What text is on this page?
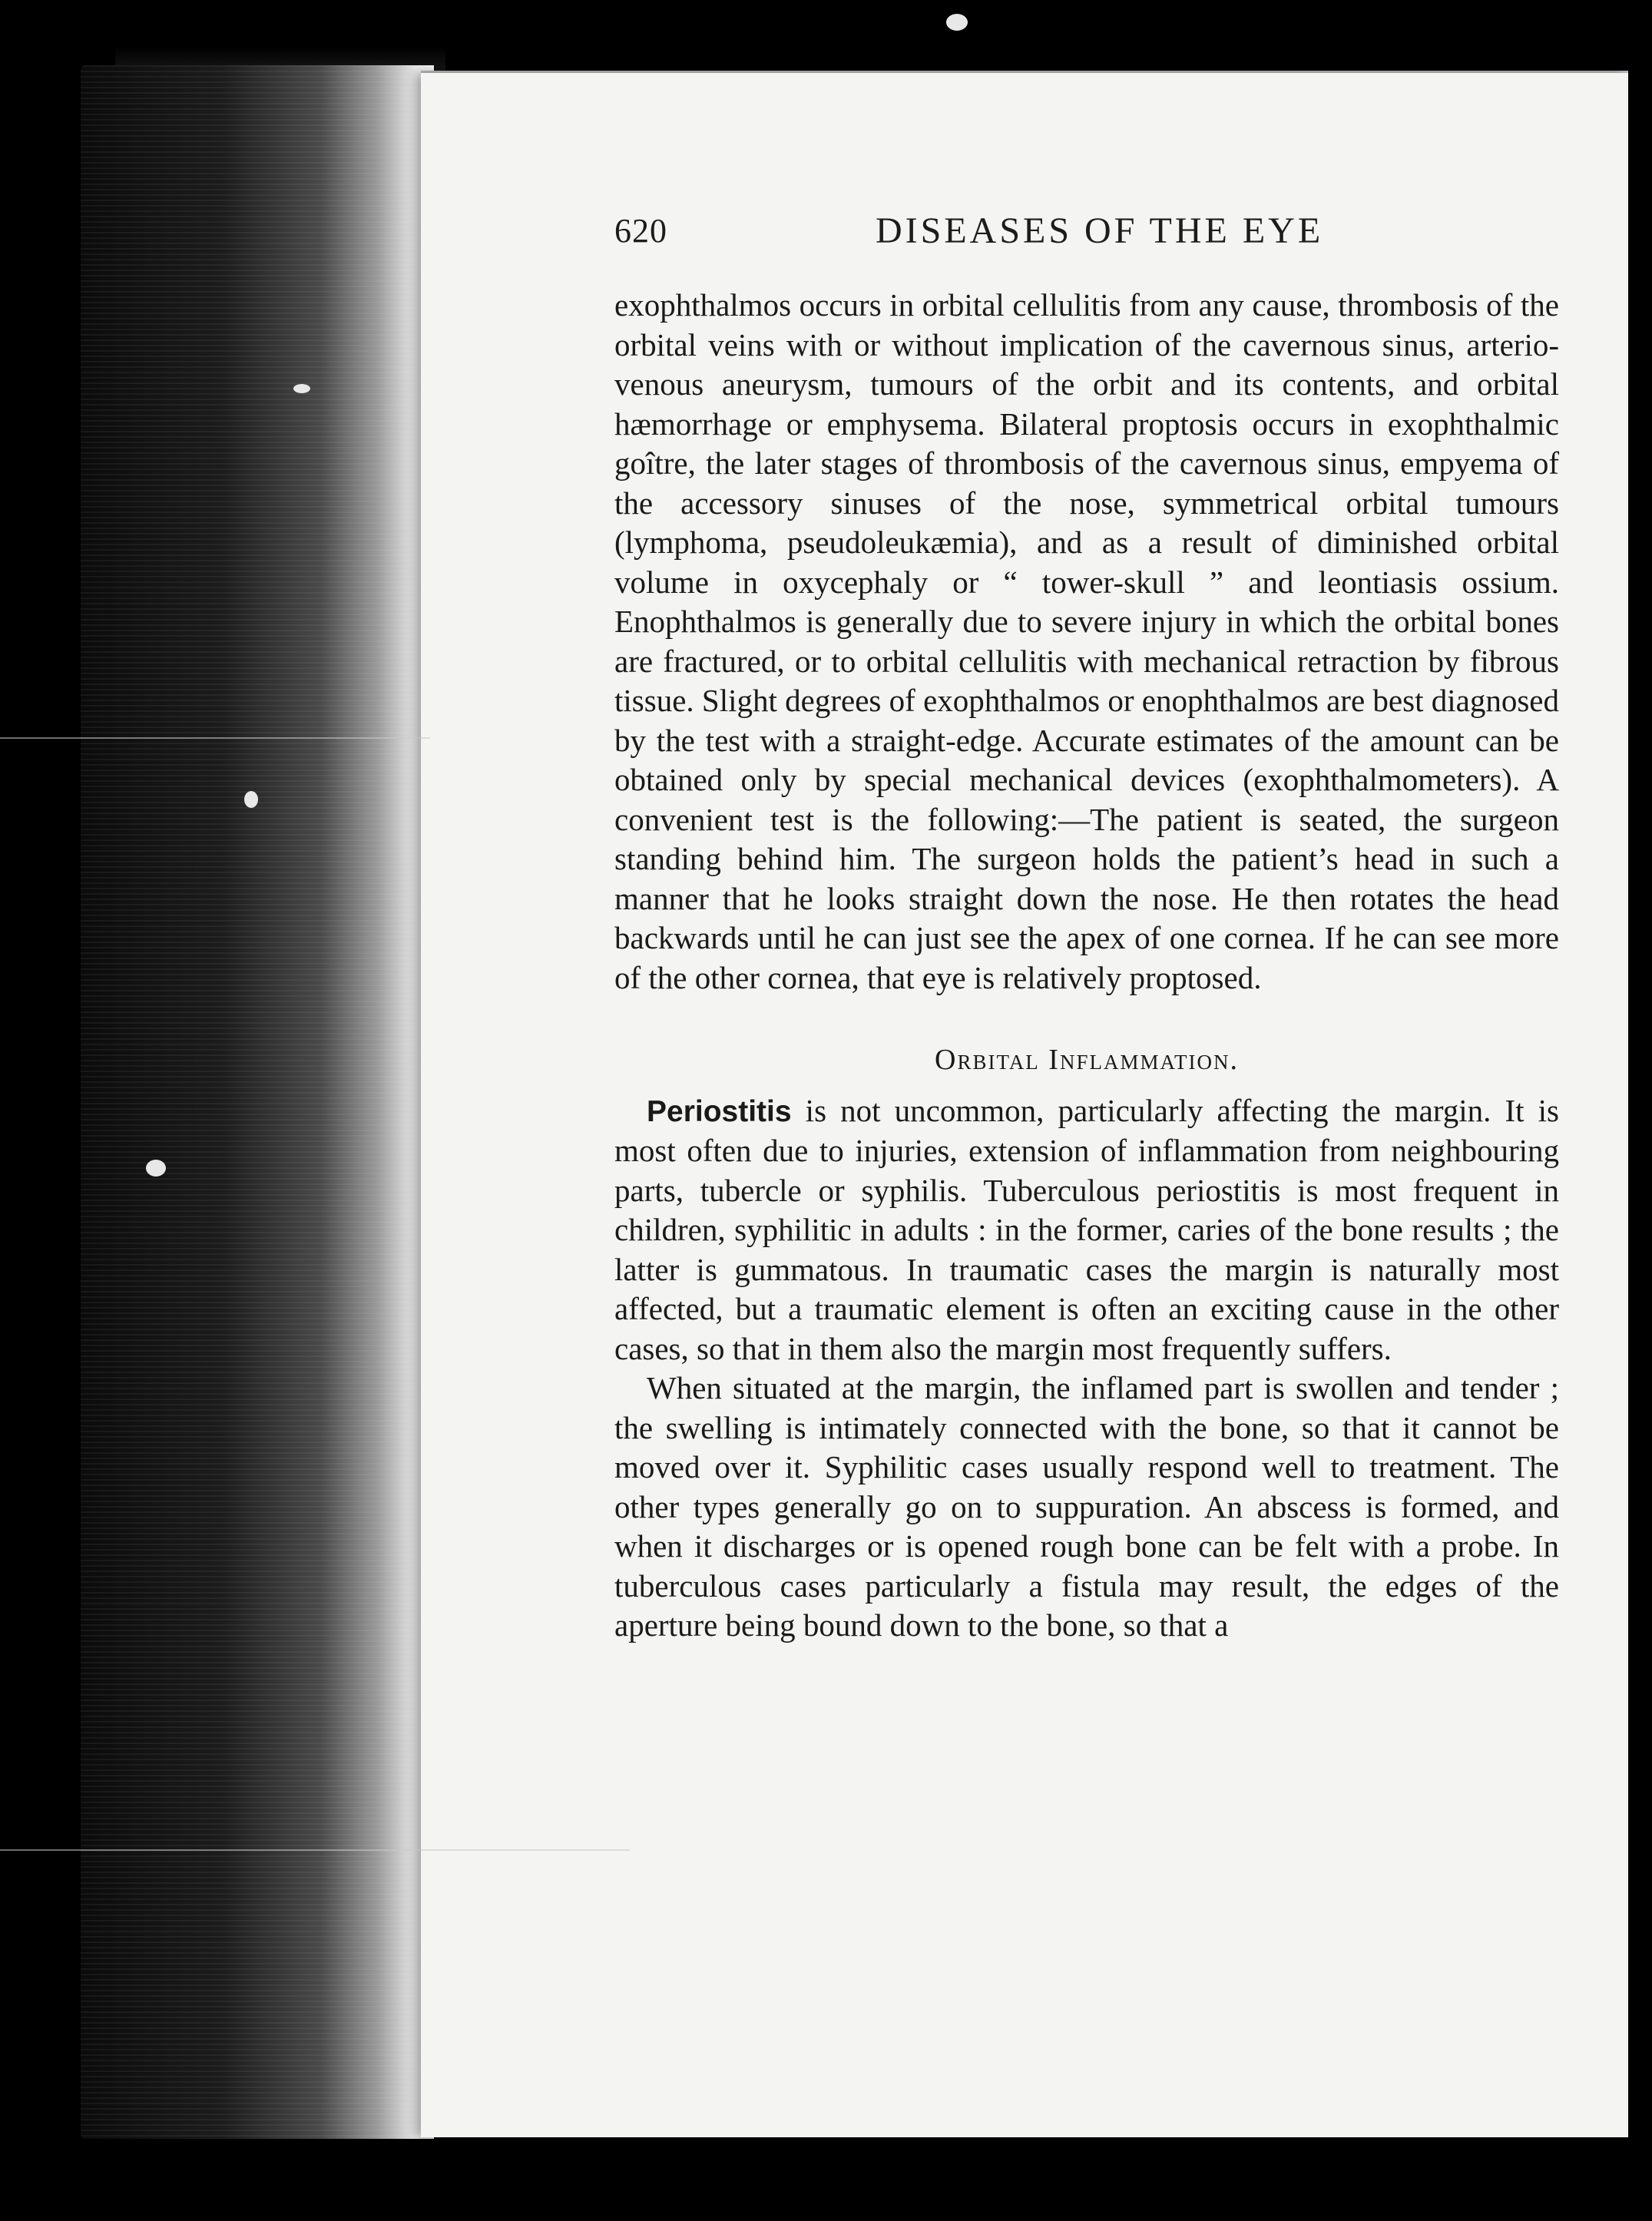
620	DISEASES OF THE EYE

exophthalmos occurs in orbital cellulitis from any cause, thrombosis of the orbital veins with or without implication of the cavernous sinus, arterio-venous aneurysm, tumours of the orbit and its contents, and orbital hæmorrhage or emphysema. Bilateral proptosis occurs in exophthalmic goître, the later stages of thrombosis of the cavernous sinus, empyema of the accessory sinuses of the nose, symmetrical orbital tumours (lymphoma, pseudoleukæmia), and as a result of diminished orbital volume in oxycephaly or “ tower-skull ” and leontiasis ossium. Enophthalmos is generally due to severe injury in which the orbital bones are fractured, or to orbital cellulitis with mechanical retraction by fibrous tissue. Slight degrees of exophthalmos or enophthalmos are best diagnosed by the test with a straight-edge. Accurate estimates of the amount can be obtained only by special mechanical devices (exophthalmometers). A convenient test is the following:—The patient is seated, the surgeon standing behind him. The surgeon holds the patient’s head in such a manner that he looks straight down the nose. He then rotates the head backwards until he can just see the apex of one cornea. If he can see more of the other cornea, that eye is relatively proptosed.

Orbital Inflammation.

Periostitis is not uncommon, particularly affecting the margin. It is most often due to injuries, extension of inflammation from neighbouring parts, tubercle or syphilis. Tuberculous periostitis is most frequent in children, syphilitic in adults : in the former, caries of the bone results ; the latter is gummatous. In traumatic cases the margin is naturally most affected, but a traumatic element is often an exciting cause in the other cases, so that in them also the margin most frequently suffers.

When situated at the margin, the inflamed part is swollen and tender ; the swelling is intimately connected with the bone, so that it cannot be moved over it. Syphilitic cases usually respond well to treatment. The other types generally go on to suppuration. An abscess is formed, and when it discharges or is opened rough bone can be felt with a probe. In tuberculous cases particularly a fistula may result, the edges of the aperture being bound down to the bone, so that a
